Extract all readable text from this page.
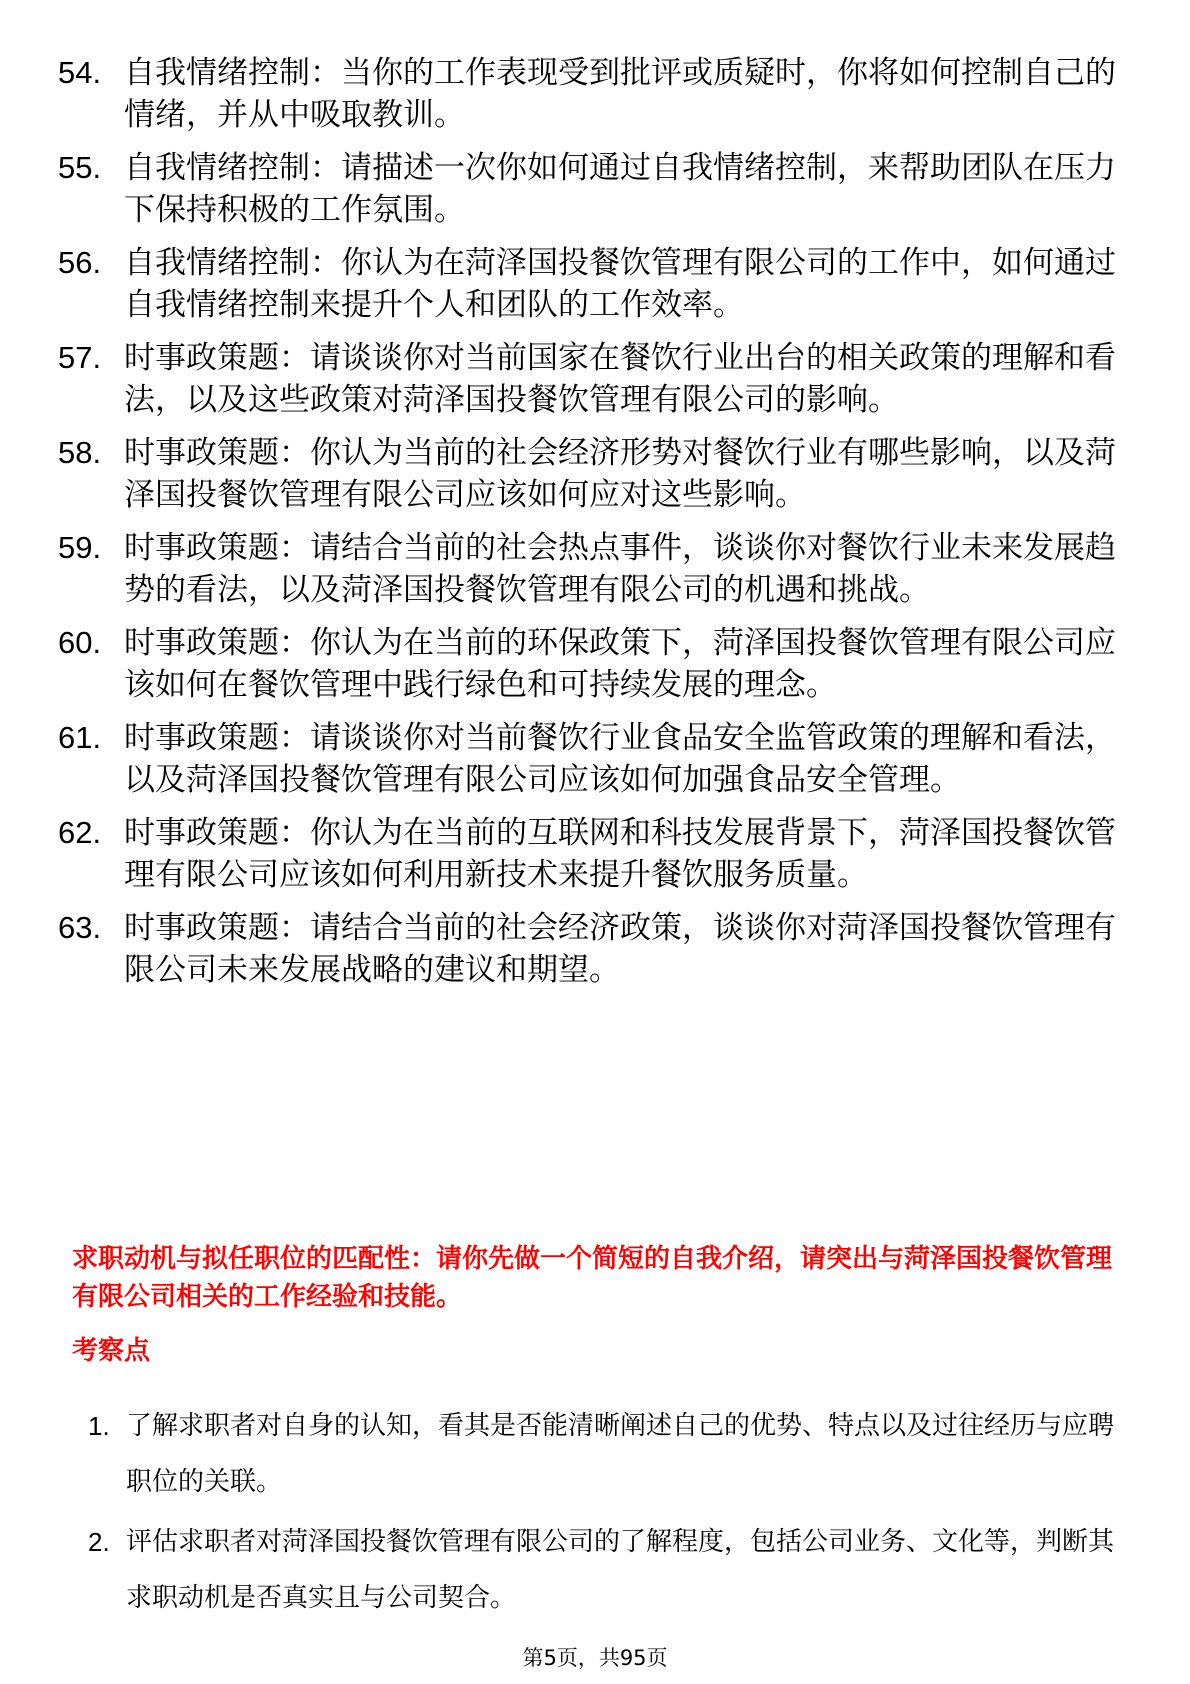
54. 自我情绪控制：当你的工作表现受到批评或质疑时，你将如何控制自己的情绪，并从中吸取教训。
55. 自我情绪控制：请描述一次你如何通过自我情绪控制，来帮助团队在压力下保持积极的工作氛围。
56. 自我情绪控制：你认为在菏泽国投餐饮管理有限公司的工作中，如何通过自我情绪控制来提升个人和团队的工作效率。
57. 时事政策题：请谈谈你对当前国家在餐饮行业出台的相关政策的理解和看法，以及这些政策对菏泽国投餐饮管理有限公司的影响。
58. 时事政策题：你认为当前的社会经济形势对餐饮行业有哪些影响，以及菏泽国投餐饮管理有限公司应该如何应对这些影响。
59. 时事政策题：请结合当前的社会热点事件，谈谈你对餐饮行业未来发展趋势的看法，以及菏泽国投餐饮管理有限公司的机遇和挑战。
60. 时事政策题：你认为在当前的环保政策下，菏泽国投餐饮管理有限公司应该如何在餐饮管理中践行绿色和可持续发展的理念。
61. 时事政策题：请谈谈你对当前餐饮行业食品安全监管政策的理解和看法，以及菏泽国投餐饮管理有限公司应该如何加强食品安全管理。
62. 时事政策题：你认为在当前的互联网和科技发展背景下，菏泽国投餐饮管理有限公司应该如何利用新技术来提升餐饮服务质量。
63. 时事政策题：请结合当前的社会经济政策，谈谈你对菏泽国投餐饮管理有限公司未来发展战略的建议和期望。

求职动机与拟任职位的匹配性：请你先做一个简短的自我介绍，请突出与菏泽国投餐饮管理有限公司相关的工作经验和技能。

考察点

1. 了解求职者对自身的认知，看其是否能清晰阐述自己的优势、特点以及过往经历与应聘职位的关联。
2. 评估求职者对菏泽国投餐饮管理有限公司的了解程度，包括公司业务、文化等，判断其求职动机是否真实且与公司契合。
第5页，共95页
